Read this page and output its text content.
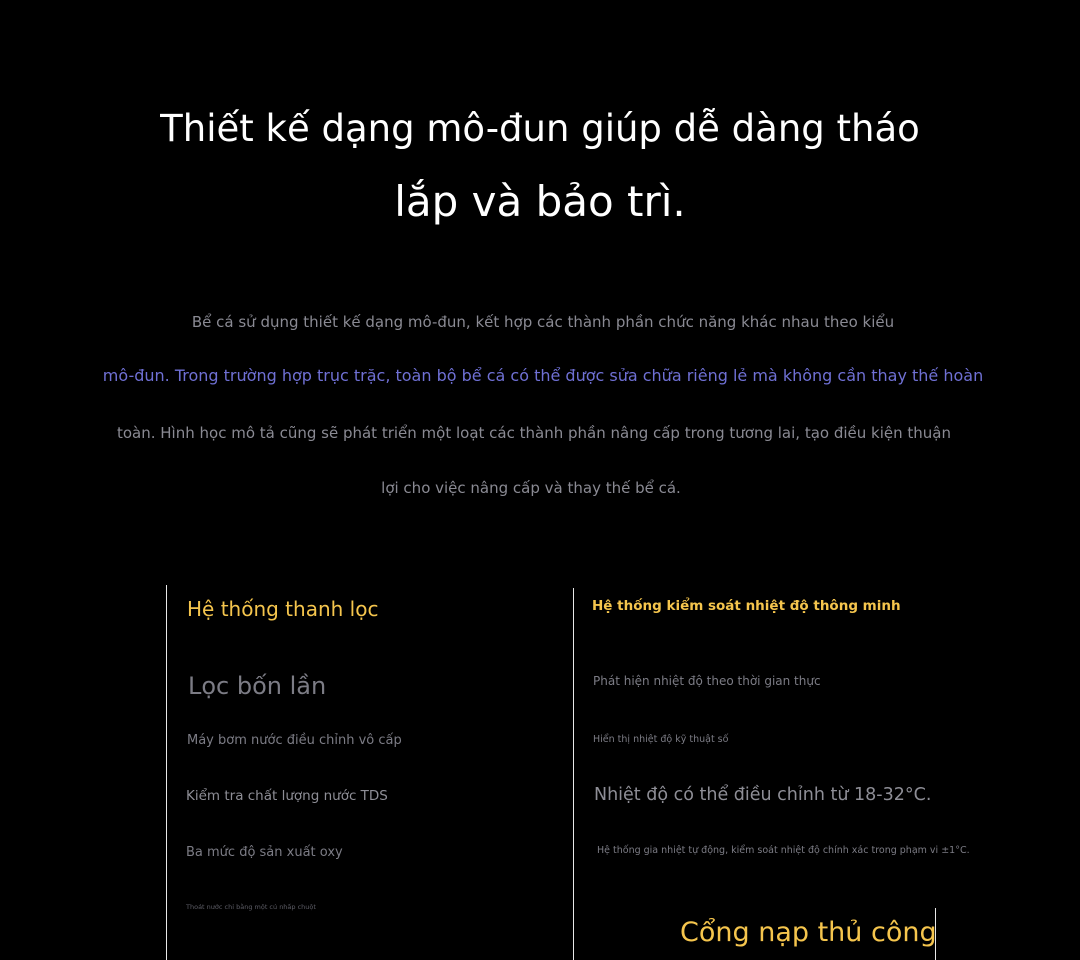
Thiết kế dạng mô-đun giúp dễ dàng tháo
lắp và bảo trì.
Bể cá sử dụng thiết kế dạng mô-đun, kết hợp các thành phần chức năng khác nhau theo kiểu
mô-đun. Trong trường hợp trục trặc, toàn bộ bể cá có thể được sửa chữa riêng lẻ mà không cần thay thế hoàn
toàn. Hình học mô tả cũng sẽ phát triển một loạt các thành phần nâng cấp trong tương lai, tạo điều kiện thuận
lợi cho việc nâng cấp và thay thế bể cá.
Hệ thống thanh lọc
Lọc bốn lần
Máy bơm nước điều chỉnh vô cấp
Kiểm tra chất lượng nước TDS
Ba mức độ sản xuất oxy
Thoát nước chỉ bằng một cú nhấp chuột
Hệ thống kiểm soát nhiệt độ thông minh
Phát hiện nhiệt độ theo thời gian thực
Hiển thị nhiệt độ kỹ thuật số
Nhiệt độ có thể điều chỉnh từ 18-32°C.
Hệ thống gia nhiệt tự động, kiểm soát nhiệt độ chính xác trong phạm vi ±1°C.
Cổng nạp thủ công
